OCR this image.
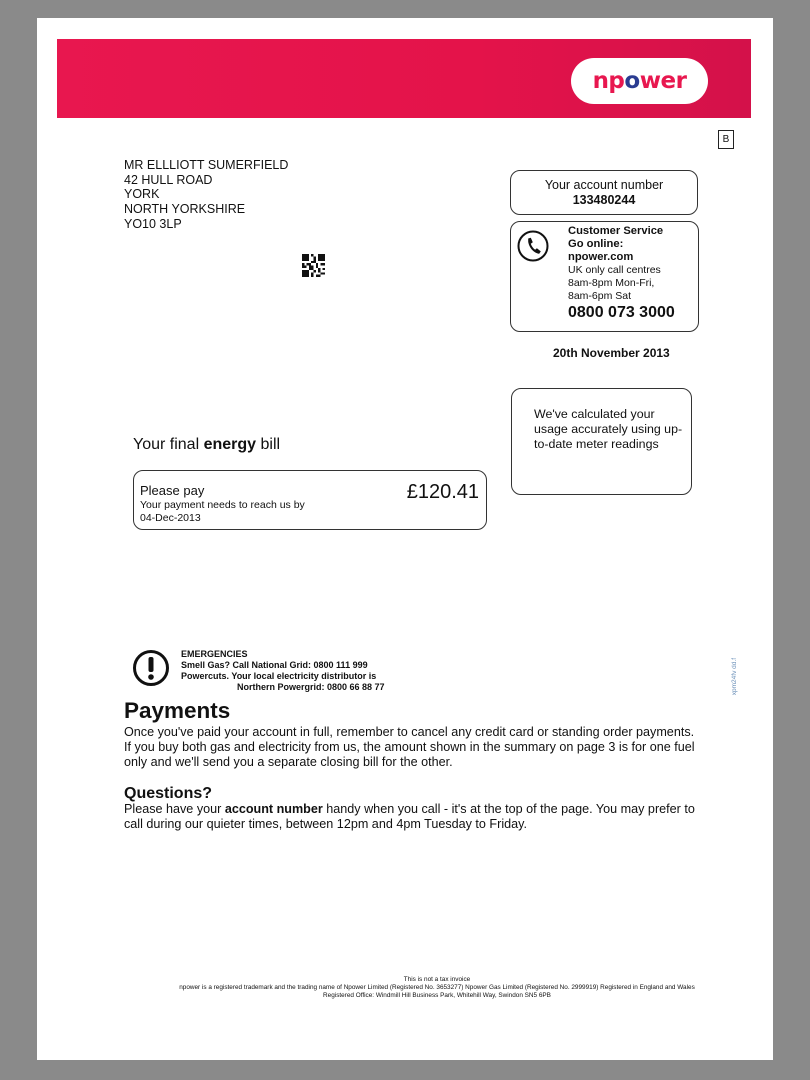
npower
B
MR ELLLIOTT SUMERFIELD
42 HULL ROAD
YORK
NORTH YORKSHIRE
YO10 3LP
Your account number
133480244
Customer Service
Go online:
npower.com
UK only call centres
8am-8pm Mon-Fri,
8am-6pm Sat
0800 073 3000
20th November 2013
We've calculated your usage accurately using up-to-date meter readings
Your final energy bill
Please pay
Your payment needs to reach us by
04-Dec-2013
£120.41
EMERGENCIES
Smell Gas? Call National Grid: 0800 111 999
Powercuts. Your local electricity distributor is
Northern Powergrid: 0800 66 88 77	xpm24fv dd.f
Payments
Once you've paid your account in full, remember to cancel any credit card or standing order payments. If you buy both gas and electricity from us, the amount shown in the summary on page 3 is for one fuel only and we'll send you a separate closing bill for the other.
Questions?
Please have your account number handy when you call - it's at the top of the page. You may prefer to call during our quieter times, between 12pm and 4pm Tuesday to Friday.
This is not a tax invoice
npower is a registered trademark and the trading name of Npower Limited (Registered No. 3653277) Npower Gas Limited (Registered No. 2999919) Registered in England and Wales
Registered Office: Windmill Hill Business Park, Whitehill Way, Swindon SN5 6PB
